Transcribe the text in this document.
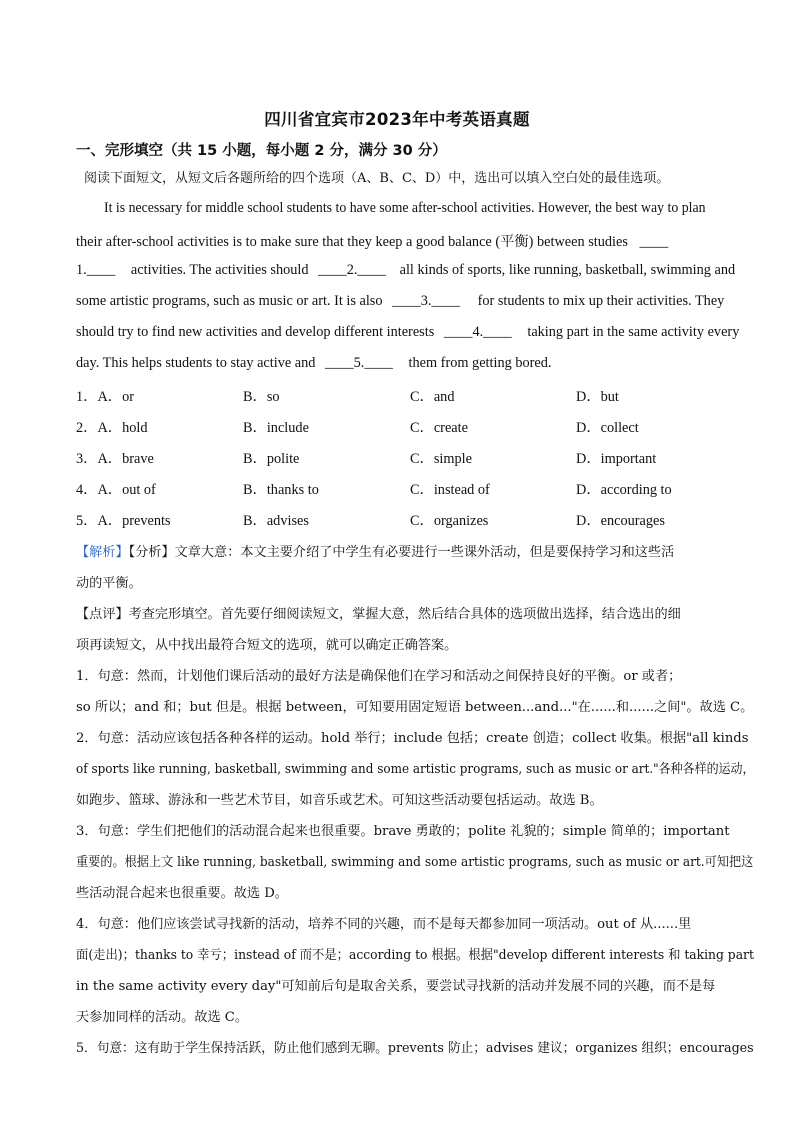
四川省宜宾市2023年中考英语真题
一、完形填空（共 15 小题，每小题 2 分，满分 30 分）
阅读下面短文，从短文后各题所给的四个选项（A、B、C、D）中，选出可以填入空白处的最佳选项。
It is necessary for middle school students to have some after-school activities. However, the best way to plan
their after-school activities is to make sure that they keep a good balance (平衡) between studies ____
1.____ activities. The activities should ____2.____ all kinds of sports, like running, basketball, swimming and
some artistic programs, such as music or art. It is also ____3.____ for students to mix up their activities. They
should try to find new activities and develop different interests ____4.____ taking part in the same activity every
day. This helps students to stay active and ____5.____ them from getting bored.
1．A．or	B．so	C．and	D．but
2．A．hold	B．include	C．create	D．collect
3．A．brave	B．polite	C．simple	D．important
4．A．out of	B．thanks to	C．instead of	D．according to
5．A．prevents	B．advises	C．organizes	D．encourages
【解析】【分析】文章大意：本文主要介绍了中学生有必要进行一些课外活动，但是要保持学习和这些活
动的平衡。
【点评】考查完形填空。首先要仔细阅读短文，掌握大意，然后结合具体的选项做出选择，结合选出的细
项再读短文，从中找出最符合短文的选项，就可以确定正确答案。
1．句意：然而，计划他们课后活动的最好方法是确保他们在学习和活动之间保持良好的平衡。or 或者；
so 所以；and 和；but 但是。根据 between，可知要用固定短语 between...and..."在......和......之间"。故选 C。
2．句意：活动应该包括各种各样的运动。hold 举行；include 包括；create 创造；collect 收集。根据"all kinds
of sports like running, basketball, swimming and some artistic programs, such as music or art."各种各样的运动，
如跑步、篮球、游泳和一些艺术节目，如音乐或艺术。可知这些活动要包括运动。故选 B。
3．句意：学生们把他们的活动混合起来也很重要。brave 勇敢的；polite 礼貌的；simple 简单的；important
重要的。根据上文 like running, basketball, swimming and some artistic programs, such as music or art.可知把这
些活动混合起来也很重要。故选 D。
4．句意：他们应该尝试寻找新的活动，培养不同的兴趣，而不是每天都参加同一项活动。out of 从......里
面(走出)；thanks to 幸亏；instead of 而不是；according to 根据。根据"develop different interests 和 taking part
in the same activity every day"可知前后句是取舍关系，要尝试寻找新的活动并发展不同的兴趣，而不是每
天参加同样的活动。故选 C。
5．句意：这有助于学生保持活跃，防止他们感到无聊。prevents 防止；advises 建议；organizes 组织；encourages
